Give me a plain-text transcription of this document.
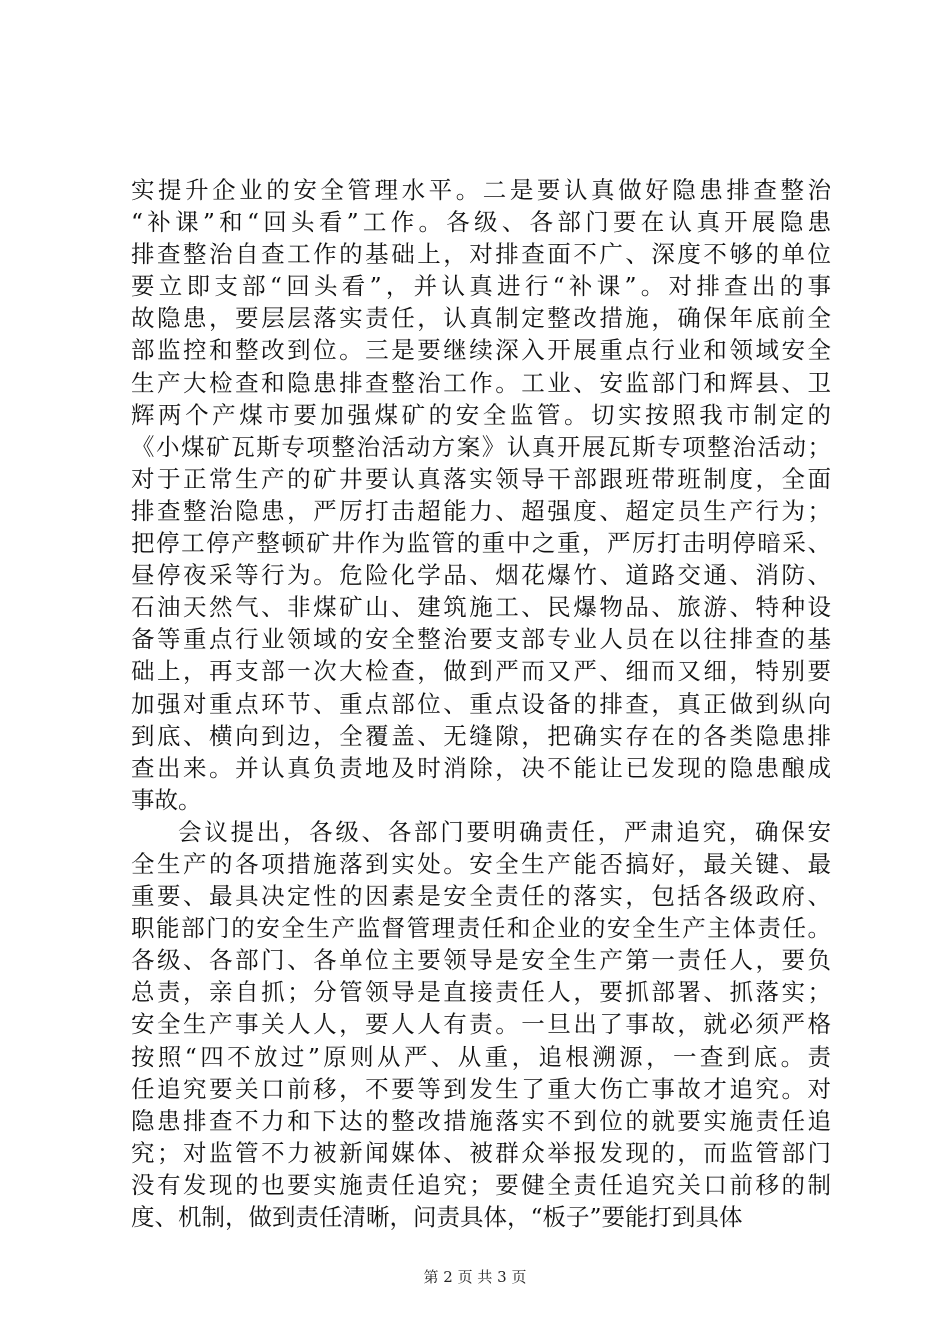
实提升企业的安全管理水平。二是要认真做好隐患排查整治
“补课”和“回头看”工作。各级、各部门要在认真开展隐患
排查整治自查工作的基础上，对排查面不广、深度不够的单位
要立即支部“回头看”，并认真进行“补课”。对排查出的事
故隐患，要层层落实责任，认真制定整改措施，确保年底前全
部监控和整改到位。三是要继续深入开展重点行业和领域安全
生产大检查和隐患排查整治工作。工业、安监部门和辉县、卫
辉两个产煤市要加强煤矿的安全监管。切实按照我市制定的
《小煤矿瓦斯专项整治活动方案》认真开展瓦斯专项整治活动；
对于正常生产的矿井要认真落实领导干部跟班带班制度，全面
排查整治隐患，严厉打击超能力、超强度、超定员生产行为；
把停工停产整顿矿井作为监管的重中之重，严厉打击明停暗采、
昼停夜采等行为。危险化学品、烟花爆竹、道路交通、消防、
石油天然气、非煤矿山、建筑施工、民爆物品、旅游、特种设
备等重点行业领域的安全整治要支部专业人员在以往排查的基
础上，再支部一次大检查，做到严而又严、细而又细，特别要
加强对重点环节、重点部位、重点设备的排查，真正做到纵向
到底、横向到边，全覆盖、无缝隙，把确实存在的各类隐患排
查出来。并认真负责地及时消除，决不能让已发现的隐患酿成
事故。
会议提出，各级、各部门要明确责任，严肃追究，确保安
全生产的各项措施落到实处。安全生产能否搞好，最关键、最
重要、最具决定性的因素是安全责任的落实，包括各级政府、
职能部门的安全生产监督管理责任和企业的安全生产主体责任。
各级、各部门、各单位主要领导是安全生产第一责任人，要负
总责，亲自抓；分管领导是直接责任人，要抓部署、抓落实；
安全生产事关人人，要人人有责。一旦出了事故，就必须严格
按照“四不放过”原则从严、从重，追根溯源，一查到底。责
任追究要关口前移，不要等到发生了重大伤亡事故才追究。对
隐患排查不力和下达的整改措施落实不到位的就要实施责任追
究；对监管不力被新闻媒体、被群众举报发现的，而监管部门
没有发现的也要实施责任追究；要健全责任追究关口前移的制
度、机制，做到责任清晰，问责具体，“板子”要能打到具体
第 2 页 共 3 页
